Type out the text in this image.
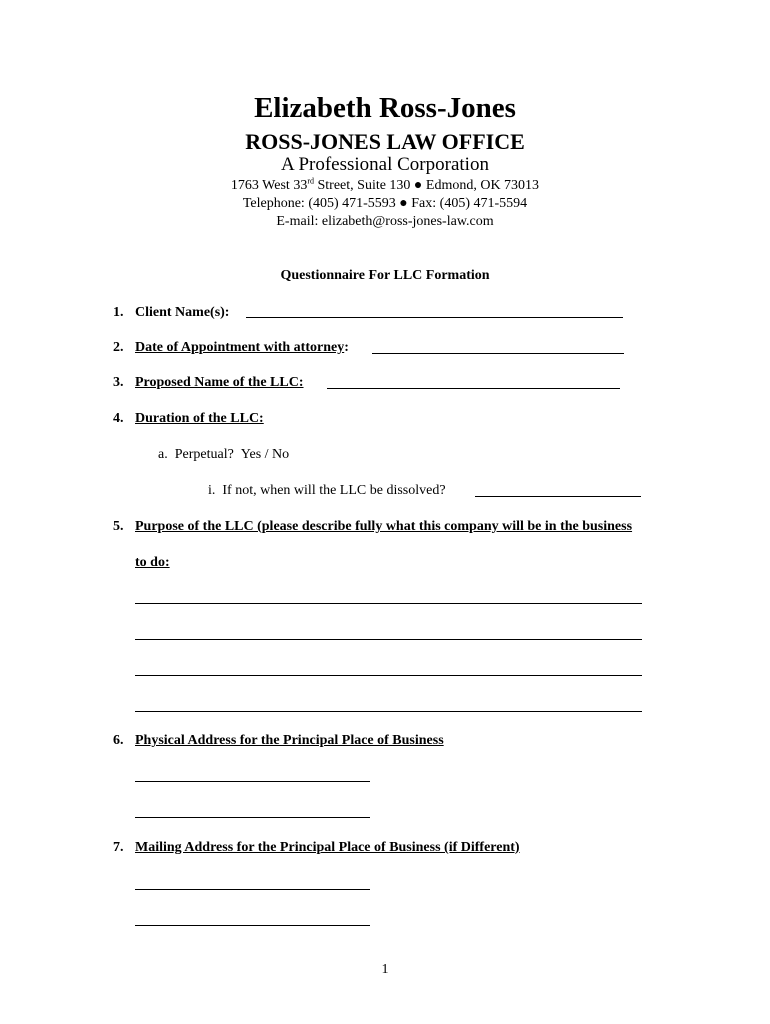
Elizabeth Ross-Jones
ROSS-JONES LAW OFFICE
A Professional Corporation
1763 West 33rd Street, Suite 130 ● Edmond, OK 73013
Telephone: (405) 471-5593 ● Fax: (405) 471-5594
E-mail: elizabeth@ross-jones-law.com
Questionnaire For LLC Formation
1. Client Name(s):
2. Date of Appointment with attorney:
3. Proposed Name of the LLC:
4. Duration of the LLC:
a.  Perpetual?  Yes / No
i.  If not, when will the LLC be dissolved?
5. Purpose of the LLC (please describe fully what this company will be in the business
to do:
6. Physical Address for the Principal Place of Business
7. Mailing Address for the Principal Place of Business (if Different)
1
